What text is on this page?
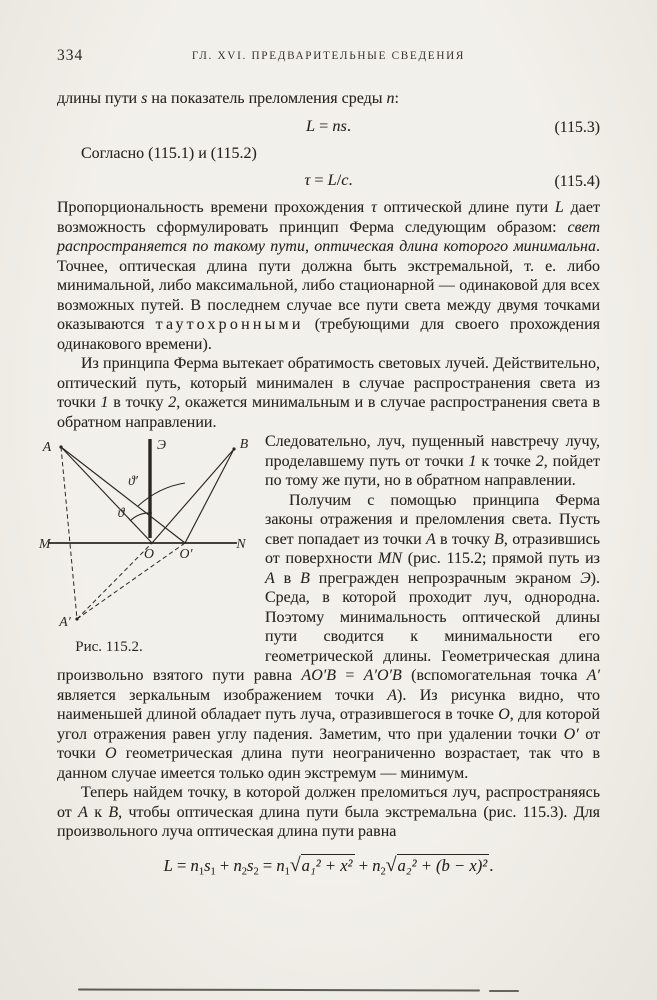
334	ГЛ. XVI. ПРЕДВАРИТЕЛЬНЫЕ СВЕДЕНИЯ

длины пути s на показатель преломления среды n:

L = ns.	(115.3)

Согласно (115.1) и (115.2)

τ = L/c.	(115.4)

Пропорциональность времени прохождения τ оптической длине пути L дает возможность сформулировать принцип Ферма следующим образом: свет распространяется по такому пути, оптическая длина которого минимальна. Точнее, оптическая длина пути должна быть экстремальной, т. е. либо минимальной, либо максимальной, либо стационарной — одинаковой для всех возможных путей. В последнем случае все пути света между двумя точками оказываются таутохронными (требующими для своего прохождения одинакового времени).

Из принципа Ферма вытекает обратимость световых лучей. Действительно, оптический путь, который минимален в случае распространения света из точки 1 в точку 2, окажется минимальным и в случае распространения света в обратном направлении.

A	Э	B
ϑ′
ϑ
M	N
O O′
A′
Рис. 115.2.

Следовательно, луч, пущенный навстречу лучу, проделавшему путь от точки 1 к точке 2, пойдет по тому же пути, но в обратном направлении.

Получим с помощью принципа Ферма законы отражения и преломления света. Пусть свет попадает из точки A в точку B, отразившись от поверхности MN (рис. 115.2; прямой путь из A в B прегражден непрозрачным экраном Э). Среда, в которой проходит луч, однородна. Поэтому минимальность оптической длины пути сводится к минимальности его геометрической длины. Геометрическая длина произвольно взятого пути равна AO′B = A′O′B (вспомогательная точка A′ является зеркальным изображением точки A). Из рисунка видно, что наименьшей длиной обладает путь луча, отразившегося в точке O, для которой угол отражения равен углу падения. Заметим, что при удалении точки O′ от точки O геометрическая длина пути неограниченно возрастает, так что в данном случае имеется только один экстремум — минимум.

Теперь найдем точку, в которой должен преломиться луч, распространяясь от A к B, чтобы оптическая длина пути была экстремальна (рис. 115.3). Для произвольного луча оптическая длина пути равна

$L = n_1s_1 + n_2s_2 = n_1√a_1^2 + x^2 + n_2√a_2^2 + (b - x)^2$ .
